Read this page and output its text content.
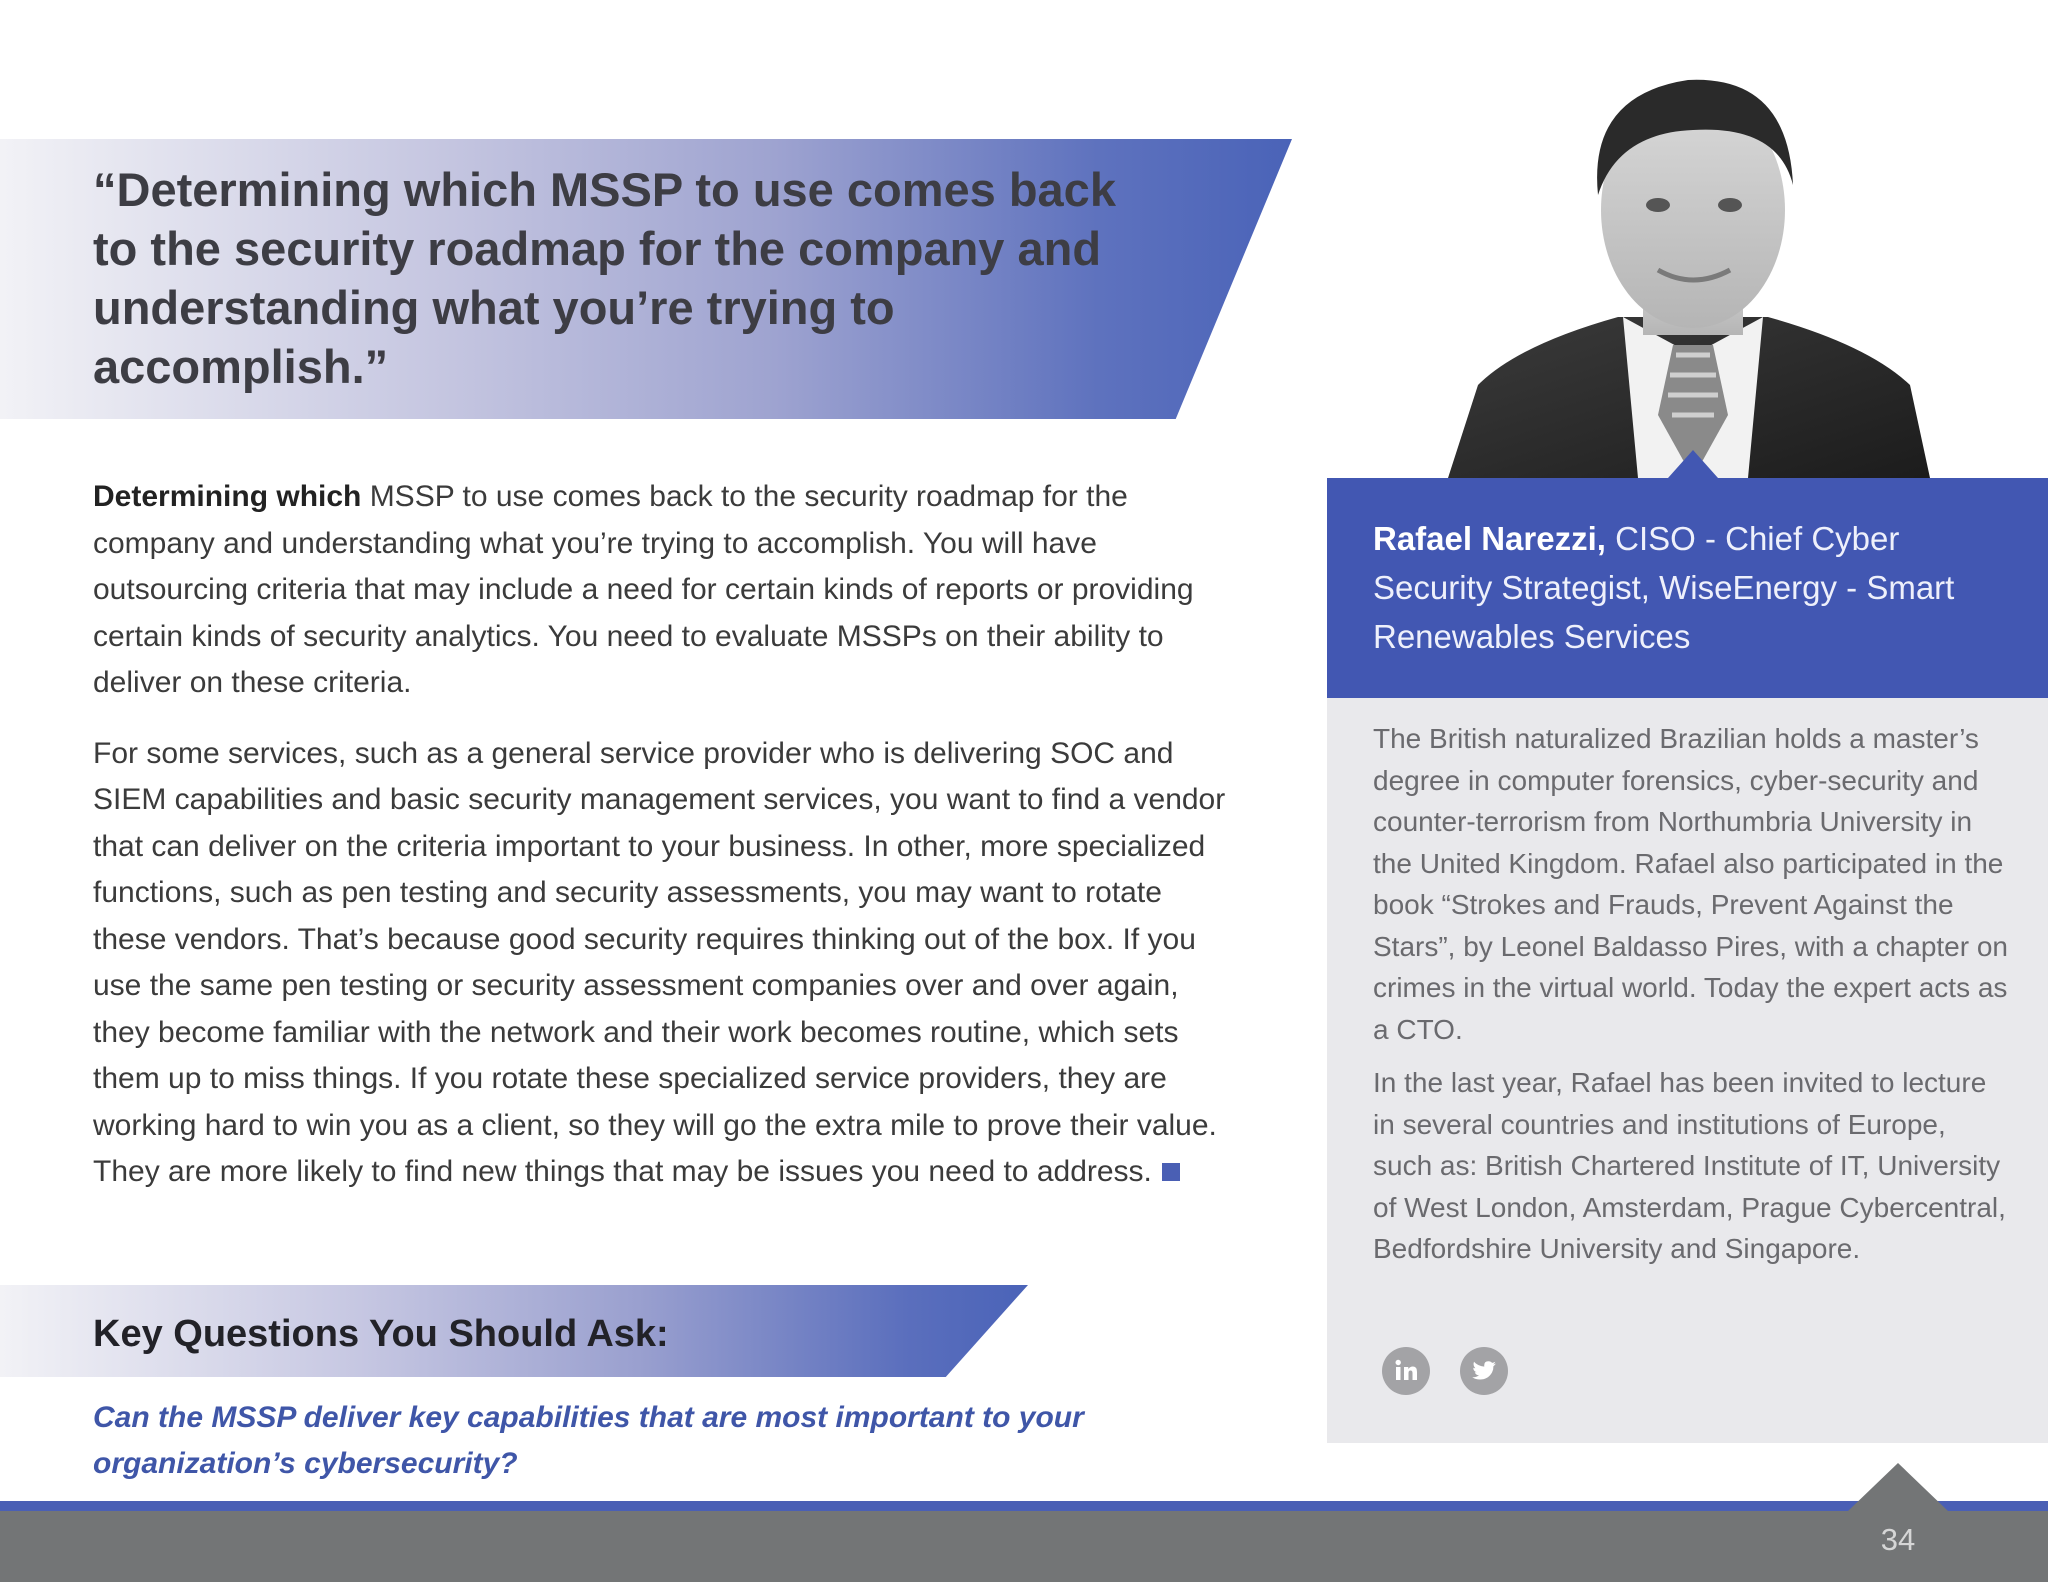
“Determining which MSSP to use comes back to the security roadmap for the company and understanding what you’re trying to accomplish.”

Determining which MSSP to use comes back to the security roadmap for the company and understanding what you’re trying to accomplish. You will have outsourcing criteria that may include a need for certain kinds of reports or providing certain kinds of security analytics. You need to evaluate MSSPs on their ability to deliver on these criteria.

For some services, such as a general service provider who is delivering SOC and SIEM capabilities and basic security management services, you want to find a vendor that can deliver on the criteria important to your business. In other, more specialized functions, such as pen testing and security assessments, you may want to rotate these vendors. That’s because good security requires thinking out of the box. If you use the same pen testing or security assessment companies over and over again, they become familiar with the network and their work becomes routine, which sets them up to miss things. If you rotate these specialized service providers, they are working hard to win you as a client, so they will go the extra mile to prove their value. They are more likely to find new things that may be issues you need to address.

Key Questions You Should Ask:
Can the MSSP deliver key capabilities that are most important to your organization’s cybersecurity?
Rafael Narezzi, CISO - Chief Cyber Security Strategist, WiseEnergy - Smart Renewables Services

The British naturalized Brazilian holds a master’s degree in computer forensics, cyber-security and counter-terrorism from Northumbria University in the United Kingdom. Rafael also participated in the book “Strokes and Frauds, Prevent Against the Stars”, by Leonel Baldasso Pires, with a chapter on crimes in the virtual world. Today the expert acts as a CTO.

In the last year, Rafael has been invited to lecture in several countries and institutions of Europe, such as: British Chartered Institute of IT, University of West London, Amsterdam, Prague Cybercentral, Bedfordshire University and Singapore.

34
